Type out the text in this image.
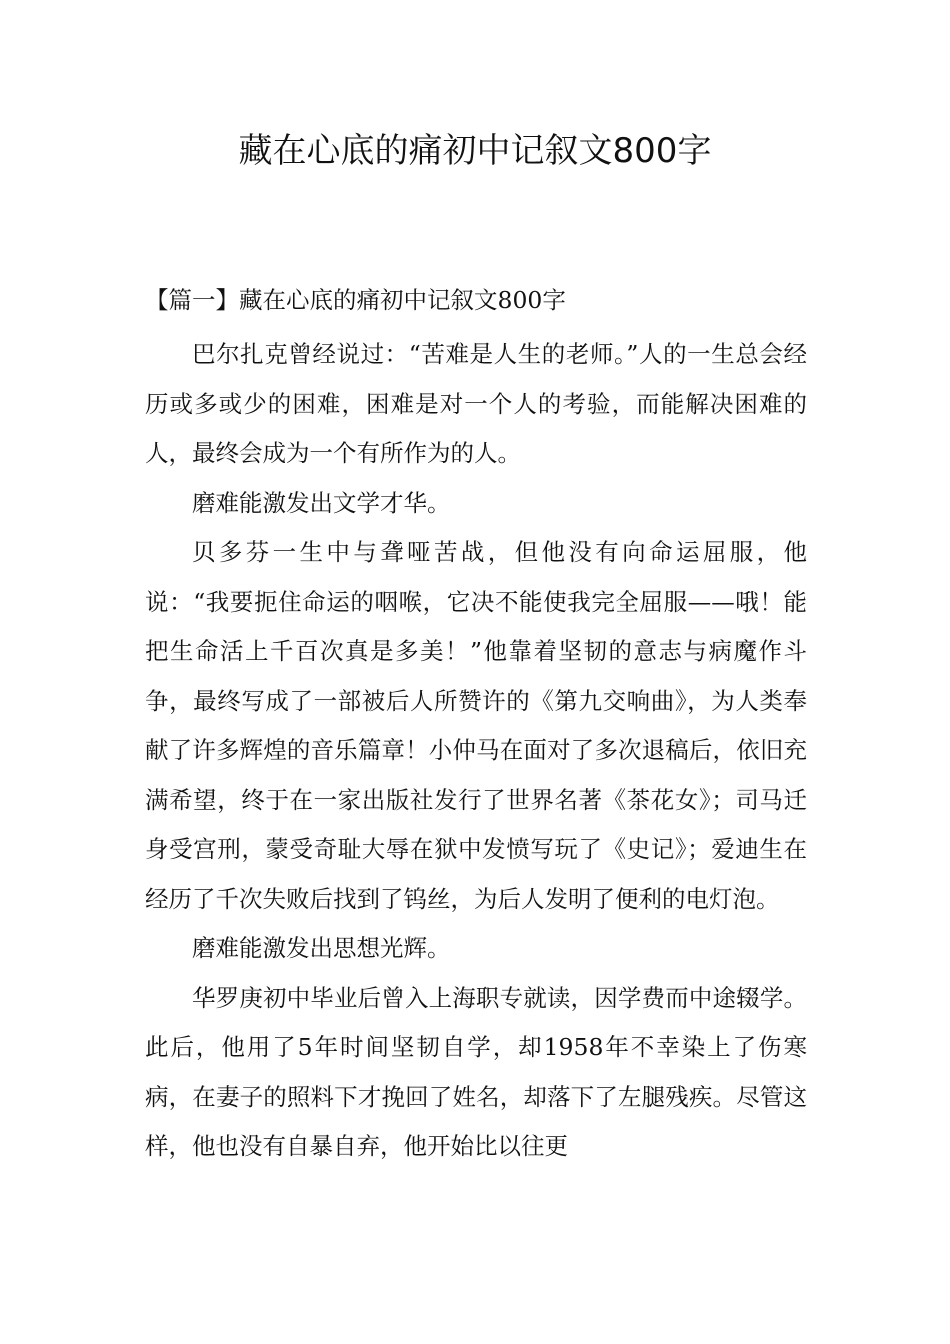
藏在心底的痛初中记叙文800字

【篇一】藏在心底的痛初中记叙文800字

巴尔扎克曾经说过：“苦难是人生的老师。”人的一生总会经历或多或少的困难，困难是对一个人的考验，而能解决困难的人，最终会成为一个有所作为的人。

磨难能激发出文学才华。

贝多芬一生中与聋哑苦战，但他没有向命运屈服，他说：“我要扼住命运的咽喉，它决不能使我完全屈服——哦！能把生命活上千百次真是多美！”他靠着坚韧的意志与病魔作斗争，最终写成了一部被后人所赞许的《第九交响曲》，为人类奉献了许多辉煌的音乐篇章！小仲马在面对了多次退稿后，依旧充满希望，终于在一家出版社发行了世界名著《茶花女》；司马迁身受宫刑，蒙受奇耻大辱在狱中发愤写玩了《史记》；爱迪生在经历了千次失败后找到了钨丝，为后人发明了便利的电灯泡。

磨难能激发出思想光辉。

华罗庚初中毕业后曾入上海职专就读，因学费而中途辍学。此后，他用了5年时间坚韧自学，却1958年不幸染上了伤寒病，在妻子的照料下才挽回了姓名，却落下了左腿残疾。尽管这样，他也没有自暴自弃，他开始比以往更
